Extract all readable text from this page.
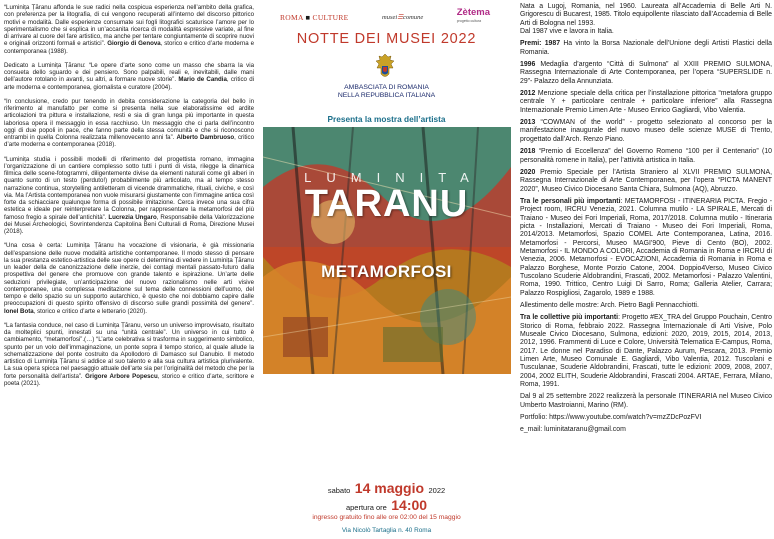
“Luminița Țăranu affonda le sue radici nella cospicua esperienza nell’ambito della grafica, con preferenza per la litografia, di cui vengono recuperati all’interno del discorso pittorico motivi e modalità. Dalle esperienze consumate sui fogli litografici scaturisce l’amore per lo sperimentalismo che si esplica in un’accanita ricerca di modalità espressive variate, al fine di arrivare al cuore del fare artistico, ma anche per tentare congiuntamente di scoprire nuovi e originali orizzonti formali e artistici”. Giorgio di Genova, storico e critico d’arte moderna e contemporanea (1988).

Dedicato a Luminița Țăranu: “Le opere d’arte sono come un masso che sbarra la via consueta dello sguardo e dei pensiero. Sono palpabili, reali e, inevitabili, dalle mani dell’autore rotolano in avanti, su altri, a formare nuove storie”. Mario de Candia, critico di arte moderna e contemporanea, giornalista e curatore (2004).

“In conclusione, credo pur tenendo in debita considerazione la categoria del bello in riferimento al manufatto per come si presenta nella sue elaboratissime ed ardite articolazioni tra pittura e installazione, resti e sia di gran lunga più importante in questa laboriosa opera il messaggio in essa racchiuso. Un messaggio che ci parla dell’incontro oggi di due popoli in pace, che fanno parte della stessa comunità e che si riconoscono entrambi in quella Colonna realizzata millenovecento anni fa”. Alberto Dambruoso, critico d’arte moderna e contemporanea (2018).

“Luminița studia i possibili modelli di riferimento del progettista romano, immagina l’organizzazione di un cantiere complesso sotto tutti i punti di vista, rilegge la dinamica filmica delle scene-fotogrammi, diligentemente divise da elementi naturali come gli alberi in quanto sunto di un testo (perduto!) probabilmente più articolato, ma al tempo stesso narrazione continua, storytelling antiletteram di vicende drammatiche, rituali, civiche, e così via. Ma l’Artista contemporanea non vuole misurarsi giustamente con l’immagine antica così forte da schiacciare qualunque forma di possibile imitazione. Cerca invece una sua cifra estetica e ideale per reinterpretare la Colonna, per rappresentare la metamorfosi del più famoso fregio a spirale dell’antichità”. Lucrezia Ungaro, Responsabile della Valorizzazione dei Musei Archeologici, Sovrintendenza Capitolina Beni Culturali di Roma, Direzione Musei (2018).

“Una cosa è certa: Luminița Țăranu ha vocazione di visionaria, è già missionaria dell’espansione delle nuove modalità artistiche contemporanee. Il modo stesso di pensare la sua prestanza estetico-artistica delle sue opere ci determina di vedere in Luminița Țăranu un leader della de canonizzazione delle inerzie, dei contagi mentali passato-futuro dalla prospettiva del genere che promuove con grande talento e ispirazione. Un’arte delle seduzioni privilegiate, un’anticipazione del nuovo razionalismo nelle arti visive contemporanee, una complessa meditazione sul tema delle connessioni dell’uomo, del tempo e dello spazio su un supporto autarchico, è questo che noi dobbiamo capire dalle preoccupazioni di questo spirito offensivo di discorso sulle grandi possimità del genere”. Ionel Bota, storico e critico d’arte e letterario (2020).

“La fantasia conduce, nel caso di Luminița Țăranu, verso un universo improvvisato, risultato da molteplici spunti, innestati su una “unità centrale”. Un universo in cui tutto è cambiamento, “metamorfosi”.(…) “L’arte celebrativa si trasforma in suggerimento simbolico, spunto per un volo dell’immaginazione, un ponte sopra il tempo storico, al quale allude la schematizzazione del ponte costruito da Apollodoro di Damasco sul Danubio. Il metodo artistico di Luminița Țăranu si addice al suo talento e alla sua cultura artistica plurivalente. La sua opera spicca nel paesaggio attuale dell’arte sia per l’originalità del metodo che per la forte personalità dell’artista”. Grigore Arbore Popescu, storico e critico d’arte, scrittore e poeta (2021).

ROMA ■ CULTURE	musei☰comune	Zètema
progetto cultura
NOTTE DEI MUSEI 2022
AMBASCIATA DI ROMANIA
NELLA REPUBBLICA ITALIANA
Presenta la mostra dell’artista
LUMINITA
TARANU
METAMORFOSI
sabato 14 maggio 2022
apertura ore 14:00
ingresso gratuito fino alle ore 02:00 del 15 maggio
Via Nicolò Tartaglia n. 40 Roma

Nata a Lugoj, Romania, nel 1960. Laureata all’Accademia di Belle Arti N. Grigorescu di Bucarest, 1985. Titolo equipollente rilasciato dall’Accademia di Belle Arti di Bologna nel 1993.
Dal 1987 vive e lavora in Italia.

Premi: 1987 Ha vinto la Borsa Nazionale dell’Unione degli Artisti Plastici della Romania.

1996 Medaglia d’argento “Città di Sulmona” al XXIII PREMIO SULMONA, Rassegna Internazionale di Arte Contemporanea, per l’opera “SUPERSLIDE n. 29”- Palazzo della Annunziata.

2012 Menzione speciale della critica per l’installazione pittorica “metafora gruppo centrale Y + particolare centrale + particolare inferiore” alla Rassegna Internazionale Premio Limen Arte - Museo Enrico Gagliardi, Vibo Valentia.

2013 “COWMAN of the world” - progetto selezionato al concorso per la manifestazione inaugurale del nuovo museo delle scienze MUSE di Trento, progettato dall’Arch. Renzo Piano.

2018 “Premio di Eccellenza” del Governo Romeno “100 per il Centenario” (10 personalità romene in Italia), per l’attività artistica in Italia.

2020 Premio Speciale per l’Artista Straniero al XLVII PREMIO SULMONA, Rassegna Internazionale di Arte Contemporanea, per l’opera “PICTA MANENT 2020”, Museo Civico Diocesano Santa Chiara, Sulmona (AQ), Abruzzo.

Tra le personali più importanti: METAMORFOSI - ITINERARIA PICTA. Fregio - Project room, IRCRU Venezia, 2021. Columna mutilo - LA SPIRALE, Mercati di Traiano - Museo dei Fori Imperiali, Roma, 2017/2018. Columna mutilo - Itineraria picta - Installazioni, Mercati di Traiano - Museo dei Fori Imperiali, Roma, 2014/2013. Metamorfosi, Spazio COMEL Arte Contemporanea, Latina, 2016. Metamorfosi - Percorsi, Museo MAGI’900, Pieve di Cento (BO), 2002. Metamorfosi - IL MONDO A COLORI, Accademia di Romania in Roma e IRCRU di Venezia, 2006. Metamorfosi - EVOCAZIONI, Accademia di Romania in Roma e Palazzo Borghese, Monte Porzio Catone, 2004. Doppio4Verso, Museo Civico Tuscolano Scuderie Aldobrandini, Frascati, 2002. Metamorfosi - Palazzo Valentini, Roma, 1990. Trittico, Centro Luigi Di Sarro, Roma; Galleria Atelier, Carrara; Palazzo Rospigliosi, Zagarolo, 1989 e 1988.

Allestimento delle mostre: Arch. Pietro Bagli Pennacchiotti.

Tra le collettive più importanti: Progetto #EX_TRA del Gruppo Pouchain, Centro Storico di Roma, febbraio 2022. Rassegna Internazionale di Arti Visive, Polo Museale Civico Diocesano, Sulmona, edizioni: 2020, 2019, 2015, 2014, 2013, 2012, 1996. Frammenti di Luce e Colore, Università Telematica E-Campus, Roma, 2017. Le donne nel Paradiso di Dante, Palazzo Aurum, Pescara, 2013. Premio Limen Arte, Museo Comunale E. Gagliardi, Vibo Valentia, 2012. Tuscolani e Tusculanae, Scuderie Aldobrandini, Frascati, tutte le edizioni: 2009, 2008, 2007, 2004, 2002 ELITH, Scuderie Aldobrandini, Frascati 2004. ARTAE, Ferrara, Milano, Roma, 1991.

Dal 9 al 25 settembre 2022 realizzerà la personale ITINERARIA nel Museo Civico Umberto Mastroianni, Marino (RM).

Portfolio: https://www.youtube.com/watch?v=mzZDcPozFVI

e_mail: luminitataranu@gmail.com
